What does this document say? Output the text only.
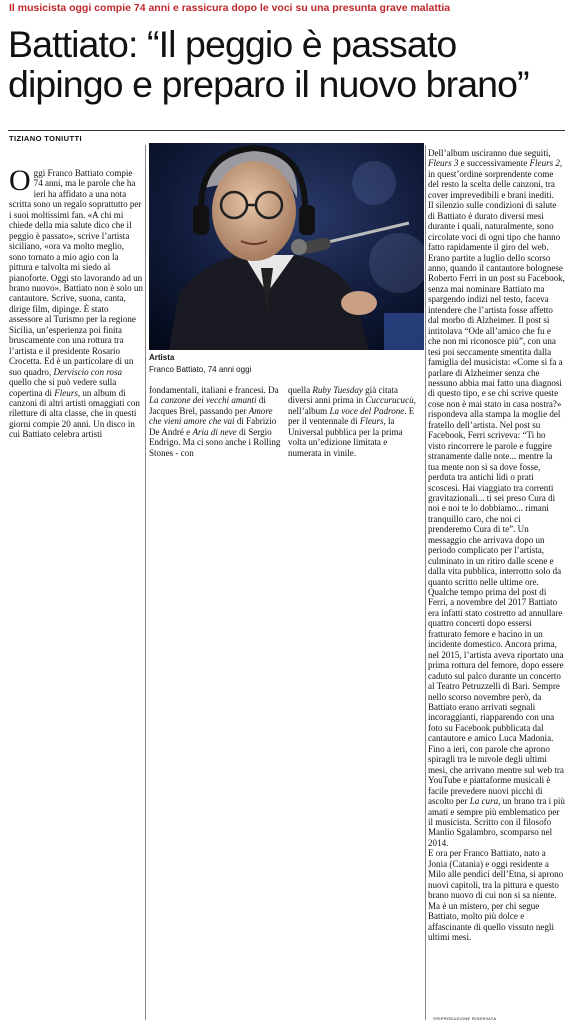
Il musicista oggi compie 74 anni e rassicura dopo le voci su una presunta grave malattia
Battiato: “Il peggio è passato
dipingo e preparo il nuovo brano”
TIZIANO TONIUTTI

Oggi Franco Battiato compie 74 anni, ma le parole che ha ieri ha affidato a una nota scritta sono un regalo soprattutto per i suoi moltissimi fan. «A chi mi chiede della mia salute dico che il peggio è passato», scrive l’artista siciliano, «ora va molto meglio, sono tornato a mio agio con la pittura e talvolta mi siedo al pianoforte. Oggi sto lavorando ad un brano nuovo». Battiato non è solo un cantautore. Scrive, suona, canta, dirige film, dipinge. È stato assessore al Turismo per la regione Sicilia, un’esperienza poi finita bruscamente con una rottura tra l’artista e il presidente Rosario Crocetta. Ed è un particolare di un suo quadro, Derviscio con rosa quello che si può vedere sulla copertina di Fleurs, un album di canzoni di altri artisti omaggiati con riletture di alta classe, che in questi giorni compie 20 anni. Un disco in cui Battiato celebra artisti

Artista
Franco Battiato, 74 anni oggi

fondamentali, italiani e francesi. Da La canzone dei vecchi amanti di Jacques Brel, passando per Amore che vieni amore che vai di Fabrizio De André e Aria di neve di Sergio Endrigo. Ma ci sono anche i Rolling Stones - con

quella Ruby Tuesday già citata diversi anni prima in Cuccurucucù, nell’album La voce del Padrone. E per il ventennale di Fleurs, la Universal pubblica per la prima volta un’edizione limitata e numerata in vinile.

Dell’album usciranno due seguiti, Fleurs 3 e successivamente Fleurs 2, in quest’ordine sorprendente come del resto la scelta delle canzoni, tra cover imprevedibili e brani inediti.

Il silenzio sulle condizioni di salute di Battiato è durato diversi mesi durante i quali, naturalmente, sono circolate voci di ogni tipo che hanno fatto rapidamente il giro del web. Erano partite a luglio dello scorso anno, quando il cantautore bolognese Roberto Ferri in un post su Facebook, senza mai nominare Battiato ma spargendo indizi nel testo, faceva intendere che l’artista fosse affetto dal morbo di Alzheimer. Il post si intitolava “Ode all’amico che fu e che non mi riconosce più”, con una tesi poi seccamente smentita dalla famiglia del musicista: «Come si fa a parlare di Alzheimer senza che nessuno abbia mai fatto una diagnosi di questo tipo, e se chi scrive queste cose non è mai stato in casa nostra?» rispondeva alla stampa la moglie del fratello dell’artista. Nel post su Facebook, Ferri scriveva: “Ti ho visto rincorrere le parole e fuggire stranamente dalle note... mentre la tua mente non si sa dove fosse, perduta tra antichi lidi o prati scoscesi. Hai viaggiato tra correnti gravitazionali... ti sei preso Cura di noi e noi te lo dobbiamo... rimani tranquillo caro, che noi ci prenderemo Cura di te”. Un messaggio che arrivava dopo un periodo complicato per l’artista, culminato in un ritiro dalle scene e dalla vita pubblica, interrotto solo da quanto scritto nelle ultime ore.

Qualche tempo prima del post di Ferri, a novembre del 2017 Battiato era infatti stato costretto ad annullare quattro concerti dopo essersi fratturato femore e bacino in un incidente domestico. Ancora prima, nel 2015, l’artista aveva riportato una prima rottura del femore, dopo essere caduto sul palco durante un concerto al Teatro Petruzzelli di Bari. Sempre nello scorso novembre però, da Battiato erano arrivati segnali incoraggianti, riapparendo con una foto su Facebook pubblicata dal cantautore e amico Luca Madonia. Fino a ieri, con parole che aprono spiragli tra le nuvole degli ultimi mesi, che arrivano mentre sul web tra YouTube e piattaforme musicali è facile prevedere nuovi picchi di ascolto per La cura, un brano tra i più amati e sempre più emblematico per il musicista. Scritto con il filosofo Manlio Sgalambro, scomparso nel 2014.

E ora per Franco Battiato, nato a Jonia (Catania) e oggi residente a Milo alle pendici dell’Etna, si aprono nuovi capitoli, tra la pittura e questo brano nuovo di cui non si sa niente. Ma è un mistero, per chi segue Battiato, molto più dolce e affascinante di quello vissuto negli ultimi mesi.

©RIPRODUZIONE RISERVATA
